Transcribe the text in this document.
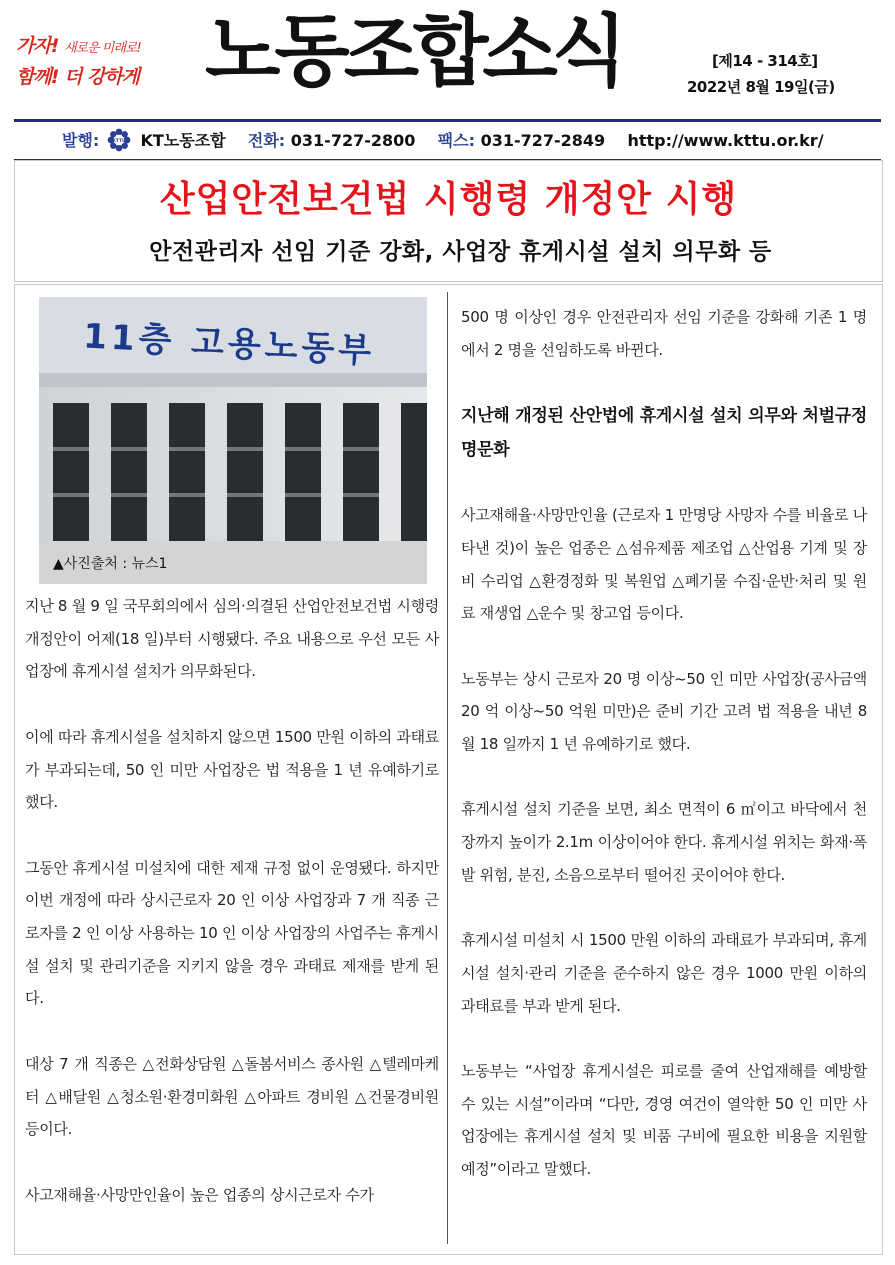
가자! 새로운 미래로!
함께! 더 강하게 노동조합소식	[제14 - 314호]
2022년 8월 19일(금)
발행:	KTTU KT노동조합 전화: 031-727-2800 팩스: 031-727-2849 http://www.kttu.or.kr/
산업안전보건법 시행령 개정안 시행
안전관리자 선임 기준 강화, 사업장 휴게시설 설치 의무화 등
11층 고용노동부
▲사진출처 : 뉴스1

지난 8 월 9 일 국무회의에서 심의·의결된 산업안전보건법 시행령 개정안이 어제(18 일)부터 시행됐다. 주요 내용으로 우선 모든 사업장에 휴게시설 설치가 의무화된다.

이에 따라 휴게시설을 설치하지 않으면 1500 만원 이하의 과태료가 부과되는데, 50 인 미만 사업장은 법 적용을 1 년 유예하기로 했다.

그동안 휴게시설 미설치에 대한 제재 규정 없이 운영됐다. 하지만 이번 개정에 따라 상시근로자 20 인 이상 사업장과 7 개 직종 근로자를 2 인 이상 사용하는 10 인 이상 사업장의 사업주는 휴게시설 설치 및 관리기준을 지키지 않을 경우 과태료 제재를 받게 된다.

대상 7 개 직종은 △전화상담원 △돌봄서비스 종사원 △텔레마케터 △배달원 △청소원·환경미화원 △아파트 경비원 △건물경비원 등이다.

사고재해율·사망만인율이 높은 업종의 상시근로자 수가

500 명 이상인 경우 안전관리자 선임 기준을 강화해 기존 1 명에서 2 명을 선임하도록 바뀐다.

지난해 개정된 산안법에 휴게시설 설치 의무와 처벌규정 명문화

사고재해율·사망만인율 (근로자 1 만명당 사망자 수를 비율로 나타낸 것)이 높은 업종은 △섬유제품 제조업 △산업용 기계 및 장비 수리업 △환경정화 및 복원업 △폐기물 수집·운반·처리 및 원료 재생업 △운수 및 창고업 등이다.

노동부는 상시 근로자 20 명 이상~50 인 미만 사업장(공사금액 20 억 이상~50 억원 미만)은 준비 기간 고려 법 적용을 내년 8 월 18 일까지 1 년 유예하기로 했다.

휴게시설 설치 기준을 보면, 최소 면적이 6 ㎡이고 바닥에서 천장까지 높이가 2.1m 이상이어야 한다. 휴게시설 위치는 화재·폭발 위험, 분진, 소음으로부터 떨어진 곳이어야 한다.

휴게시설 미설치 시 1500 만원 이하의 과태료가 부과되며, 휴게시설 설치·관리 기준을 준수하지 않은 경우 1000 만원 이하의 과태료를 부과 받게 된다.

노동부는 “사업장 휴게시설은 피로를 줄여 산업재해를 예방할 수 있는 시설”이라며 “다만, 경영 여건이 열악한 50 인 미만 사업장에는 휴게시설 설치 및 비품 구비에 필요한 비용을 지원할 예정”이라고 말했다.
